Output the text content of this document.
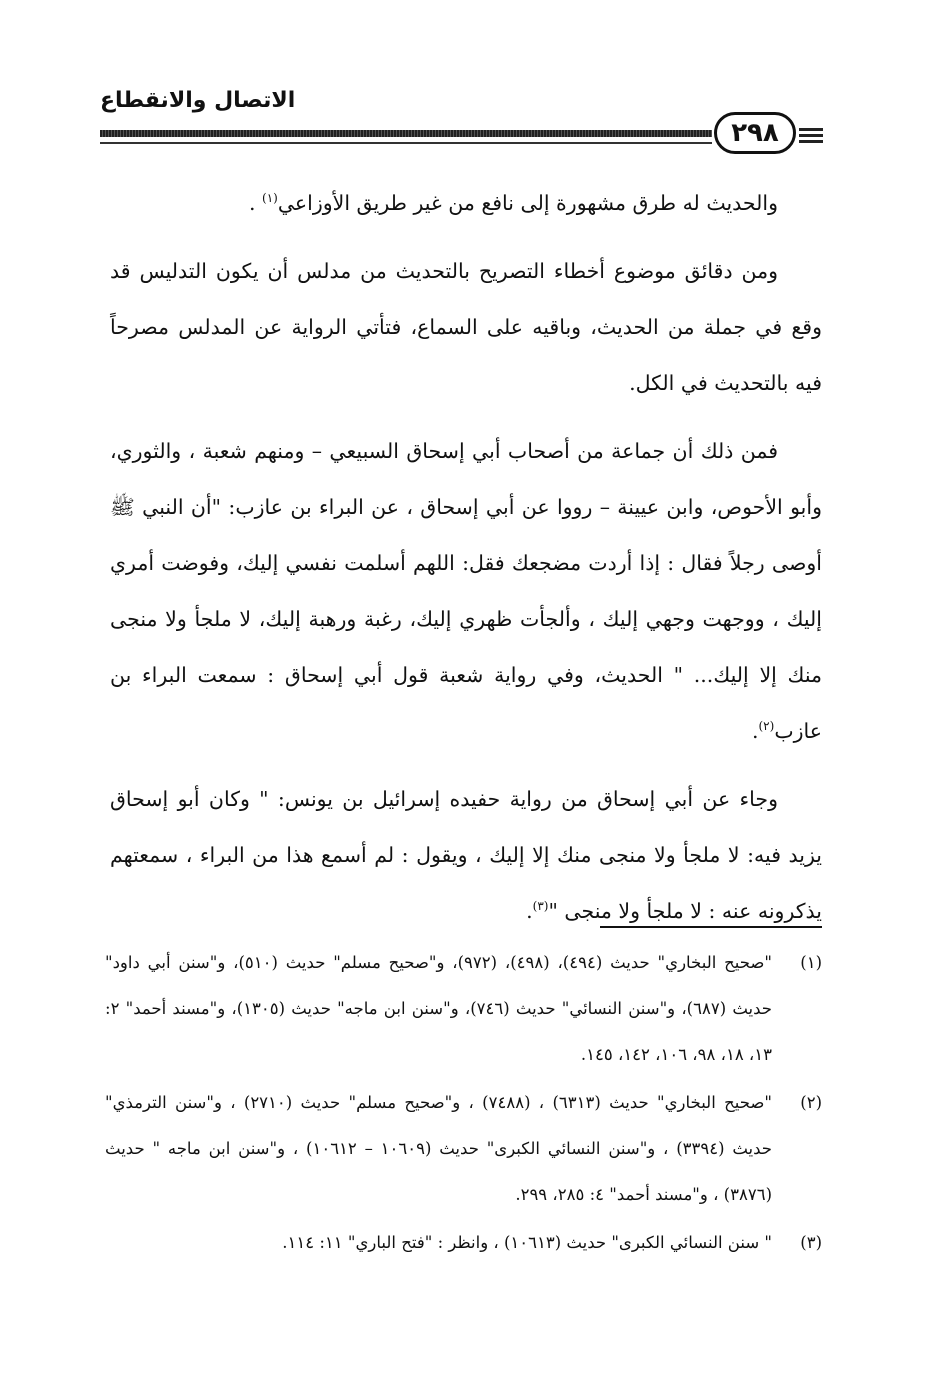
الاتصال والانقطاع
٢٩٨

والحديث له طرق مشهورة إلى نافع من غير طريق الأوزاعي$^{(١)}$ .

ومن دقائق موضوع أخطاء التصريح بالتحديث من مدلس أن يكون التدليس قد وقع في جملة من الحديث، وباقيه على السماع، فتأتي الرواية عن المدلس مصرحاً فيه بالتحديث في الكل.

فمن ذلك أن جماعة من أصحاب أبي إسحاق السبيعي – ومنهم شعبة ، والثوري، وأبو الأحوص، وابن عيينة – رووا عن أبي إسحاق ، عن البراء بن عازب: "أن النبي ﷺ أوصى رجلاً فقال : إذا أردت مضجعك فقل: اللهم أسلمت نفسي إليك، وفوضت أمري إليك ، ووجهت وجهي إليك ، وألجأت ظهري إليك، رغبة ورهبة إليك، لا ملجأ ولا منجى منك إلا إليك... " الحديث، وفي رواية شعبة قول أبي إسحاق : سمعت البراء بن عازب$^{(٢)}$.

وجاء عن أبي إسحاق من رواية حفيده إسرائيل بن يونس: " وكان أبو إسحاق يزيد فيه: لا ملجأ ولا منجى منك إلا إليك ، ويقول : لم أسمع هذا من البراء ، سمعتهم يذكرونه عنه : لا ملجأ ولا منجى "$^{(٣)}$.

(١)
"صحيح البخاري" حديث (٤٩٤)، (٤٩٨)، (٩٧٢)، و"صحيح مسلم" حديث (٥١٠)، و"سنن أبي داود" حديث (٦٨٧)، و"سنن النسائي" حديث (٧٤٦)، و"سنن ابن ماجه" حديث (١٣٠٥)، و"مسند أحمد" ٢: ١٣، ١٨، ٩٨، ١٠٦، ١٤٢، ١٤٥.
(٢)
"صحيح البخاري" حديث (٦٣١٣) ، (٧٤٨٨) ، و"صحيح مسلم" حديث (٢٧١٠) ، و"سنن الترمذي" حديث (٣٣٩٤) ، و"سنن النسائي الكبرى" حديث (١٠٦٠٩ – ١٠٦١٢) ، و"سنن ابن ماجه " حديث (٣٨٧٦) ، و"مسند أحمد" ٤: ٢٨٥، ٢٩٩.
(٣)
" سنن النسائي الكبرى" حديث (١٠٦١٣) ، وانظر : "فتح الباري" ١١: ١١٤.
